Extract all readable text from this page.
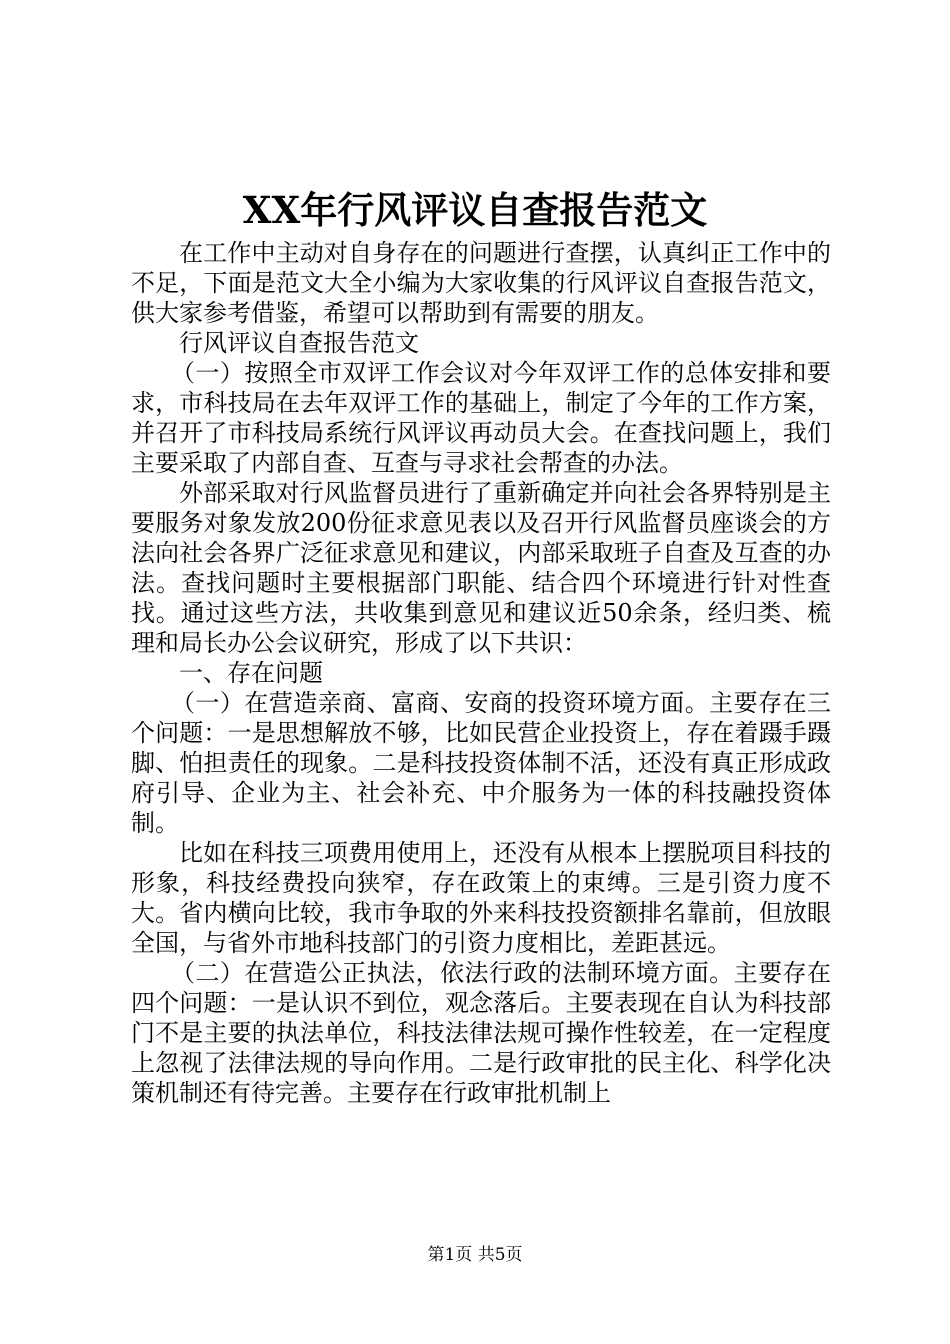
XX年行风评议自查报告范文

在工作中主动对自身存在的问题进行查摆，认真纠正工作中的不足，下面是范文大全小编为大家收集的行风评议自查报告范文，供大家参考借鉴，希望可以帮助到有需要的朋友。

行风评议自查报告范文

（一）按照全市双评工作会议对今年双评工作的总体安排和要求，市科技局在去年双评工作的基础上，制定了今年的工作方案，并召开了市科技局系统行风评议再动员大会。在查找问题上，我们主要采取了内部自查、互查与寻求社会帮查的办法。

外部采取对行风监督员进行了重新确定并向社会各界特别是主要服务对象发放200份征求意见表以及召开行风监督员座谈会的方法向社会各界广泛征求意见和建议，内部采取班子自查及互查的办法。查找问题时主要根据部门职能、结合四个环境进行针对性查找。通过这些方法，共收集到意见和建议近50余条，经归类、梳理和局长办公会议研究，形成了以下共识：

一、存在问题

（一）在营造亲商、富商、安商的投资环境方面。主要存在三个问题：一是思想解放不够，比如民营企业投资上，存在着蹑手蹑脚、怕担责任的现象。二是科技投资体制不活，还没有真正形成政府引导、企业为主、社会补充、中介服务为一体的科技融投资体制。

比如在科技三项费用使用上，还没有从根本上摆脱项目科技的形象，科技经费投向狭窄，存在政策上的束缚。三是引资力度不大。省内横向比较，我市争取的外来科技投资额排名靠前，但放眼全国，与省外市地科技部门的引资力度相比，差距甚远。

（二）在营造公正执法，依法行政的法制环境方面。主要存在四个问题：一是认识不到位，观念落后。主要表现在自认为科技部门不是主要的执法单位，科技法律法规可操作性较差，在一定程度上忽视了法律法规的导向作用。二是行政审批的民主化、科学化决策机制还有待完善。主要存在行政审批机制上

第1页 共5页
